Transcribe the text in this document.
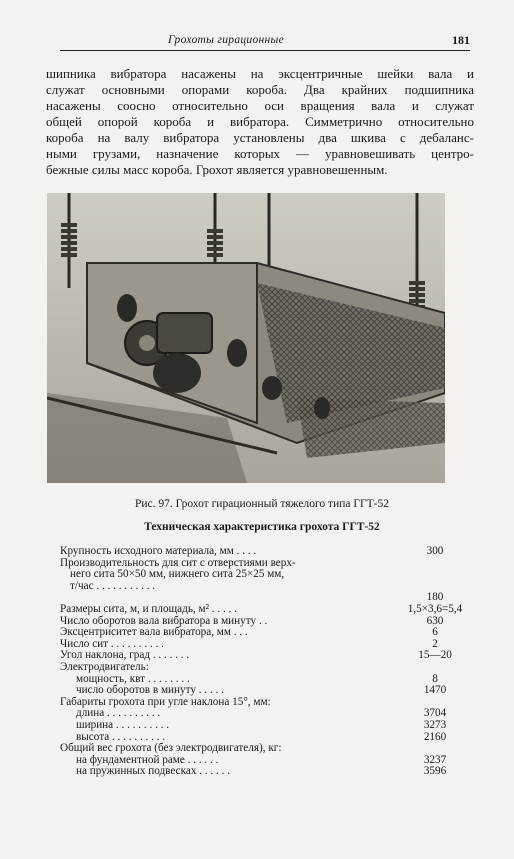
Грохоты гирационные	181
шипника вибратора насажены на эксцентричные шейки вала и
служат основными опорами короба. Два крайних подшипника
насажены соосно относительно оси вращения вала и служат
общей опорой короба и вибратора. Симметрично относительно
короба на валу вибратора установлены два шкива с дебаланс-
ными грузами, назначение которых — уравновешивать центро-
бежные силы масс короба. Грохот является уравновешенным.
Рис. 97. Грохот гирационный тяжелого типа ГГТ-52
Техническая характеристика грохота ГГТ-52
Крупность исходного материала, мм . . . .	300
Производительность для сит с отверстиями верх-
него сита 50×50 мм, нижнего сита 25×25 мм,
т/час . . . . . . . . . . .
180
Размеры сита, м, и площадь, м² . . . . .	1,5×3,6=5,4
Число оборотов вала вибратора в минуту . .	630
Эксцентриситет вала вибратора, мм . . .	6
Число сит . . . . . . . . . .	2
Угол наклона, град . . . . . . .	15—20
Электродвигатель:
мощность, квт . . . . . . . .	8
число оборотов в минуту . . . . .	1470
Габариты грохота при угле наклона 15°, мм:
длина . . . . . . . . . .	3704
ширина . . . . . . . . . .	3273
высота . . . . . . . . . .	2160
Общий вес грохота (без электродвигателя), кг:
на фундаментной раме . . . . . .	3237
на пружинных подвесках . . . . . .	3596
